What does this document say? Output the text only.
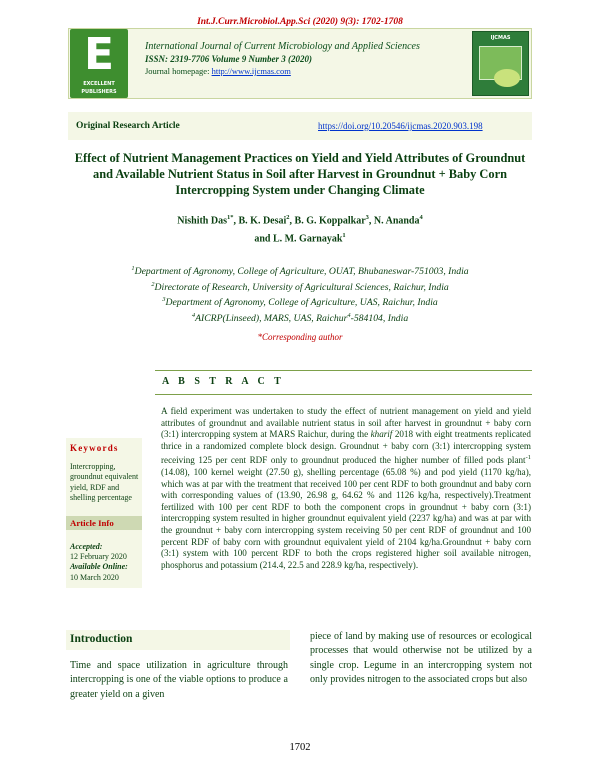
Int.J.Curr.Microbiol.App.Sci (2020) 9(3): 1702-1708
E
EXCELLENT
PUBLISHERS
International Journal of Current Microbiology and Applied Sciences
ISSN: 2319-7706 Volume 9 Number 3 (2020)
Journal homepage: http://www.ijcmas.com
IJCMAS
Original Research Article	https://doi.org/10.20546/ijcmas.2020.903.198
Effect of Nutrient Management Practices on Yield and Yield Attributes of Groundnut and Available Nutrient Status in Soil after Harvest in Groundnut + Baby Corn Intercropping System under Changing Climate
Nishith Das$^{1*}$, B. K. Desai$^2$, B. G. Koppalkar$^3$, N. Ananda$^4$
and L. M. Garnayak$^1$
$^1$Department of Agronomy, College of Agriculture, OUAT, Bhubaneswar-751003, India
$^2$Directorate of Research, University of Agricultural Sciences, Raichur, India
$^3$Department of Agronomy, College of Agriculture, UAS, Raichur, India
$^4$AICRP(Linseed), MARS, UAS, Raichur$^4$-584104, India
*Corresponding author
A B S T R A C T
Keywords
Intercropping, groundnut equivalent yield, RDF and shelling percentage
Article Info
Accepted:
12 February 2020
Available Online:
10 March 2020
A field experiment was undertaken to study the effect of nutrient management on yield and yield attributes of groundnut and available nutrient status in soil after harvest in groundnut + baby corn (3:1) intercropping system at MARS Raichur, during the kharif 2018 with eight treatments replicated thrice in a randomized complete block design. Groundnut + baby corn (3:1) intercropping system receiving 125 per cent RDF only to groundnut produced the higher number of filled pods plant$^{-1}$ (14.08), 100 kernel weight (27.50 g), shelling percentage (65.08 %) and pod yield (1170 kg/ha), which was at par with the treatment that received 100 per cent RDF to both groundnut and baby corn with corresponding values of (13.90, 26.98 g, 64.62 % and 1126 kg/ha, respectively).Treatment fertilized with 100 per cent RDF to both the component crops in groundnut + baby corn (3:1) intercropping system resulted in higher groundnut equivalent yield (2237 kg/ha) and was at par with the groundnut + baby corn intercropping system receiving 50 per cent RDF of groundnut and 100 percent RDF of baby corn with groundnut equivalent yield of 2104 kg/ha.Groundnut + baby corn (3:1) system with 100 percent RDF to both the crops registered higher soil available nitrogen, phosphorus and potassium (214.4, 22.5 and 228.9 kg/ha, respectively).
Introduction
Time and space utilization in agriculture through intercropping is one of the viable options to produce a greater yield on a given
piece of land by making use of resources or ecological processes that would otherwise not be utilized by a single crop. Legume in an intercropping system not only provides nitrogen to the associated crops but also
1702
